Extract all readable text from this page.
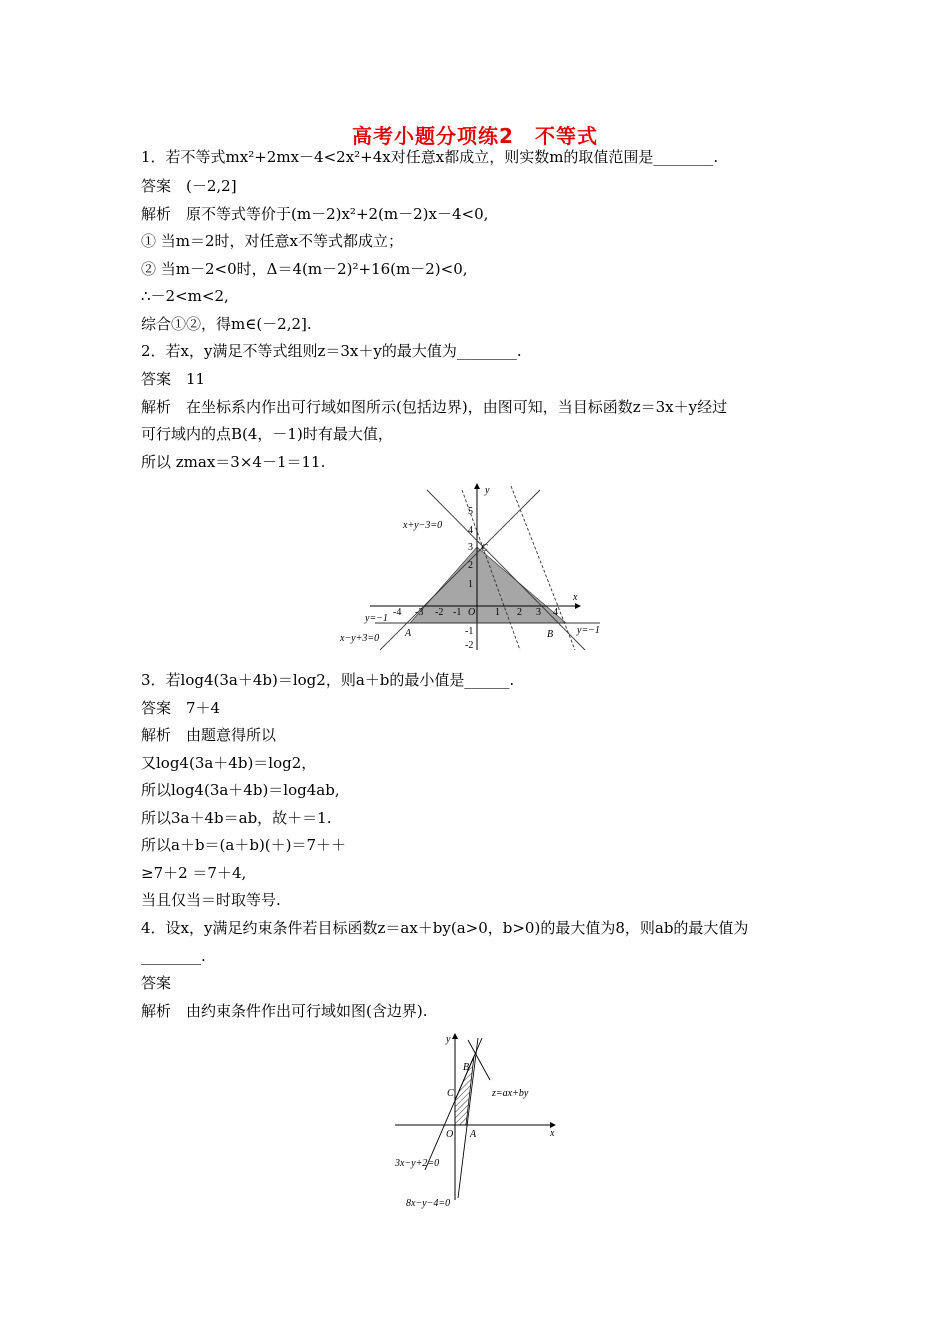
高考小题分项练2　不等式
1．若不等式mx²+2mx－4<2x²+4x对任意x都成立，则实数m的取值范围是________.
答案　(－2,2]
解析　原不等式等价于(m－2)x²+2(m－2)x－4<0,
① 当m＝2时，对任意x不等式都成立；
② 当m－2<0时，Δ＝4(m－2)²+16(m－2)<0,
∴－2<m<2,
综合①②，得m∈(－2,2].
2．若x，y满足不等式组则z＝3x＋y的最大值为________.
答案　11
解析　在坐标系内作出可行域如图所示(包括边界)，由图可知，当目标函数z＝3x＋y经过
可行域内的点B(4，－1)时有最大值，
所以 zmax＝3×4－1＝11.
x
y
O
-4 -3 -2 -1	1 2 3 4
5
4
3
2
1
-1
-2
x+y−3=0
y=−1
x−y+3=0
y=−1
A	B
C
3．若log4(3a＋4b)＝log2，则a＋b的最小值是______.
答案　7＋4
解析　由题意得所以
又log4(3a＋4b)＝log2，
所以log4(3a＋4b)＝log4ab,
所以3a＋4b＝ab，故＋＝1.
所以a＋b＝(a＋b)(＋)＝7＋＋
≥7＋2 ＝7＋4,
当且仅当＝时取等号.
4．设x，y满足约束条件若目标函数z＝ax＋by(a>0，b>0)的最大值为8，则ab的最大值为
________.
答案
解析　由约束条件作出可行域如图(含边界).
x
y
O A
B
C	z=ax+by
3x−y+2=0
8x−y−4=0
